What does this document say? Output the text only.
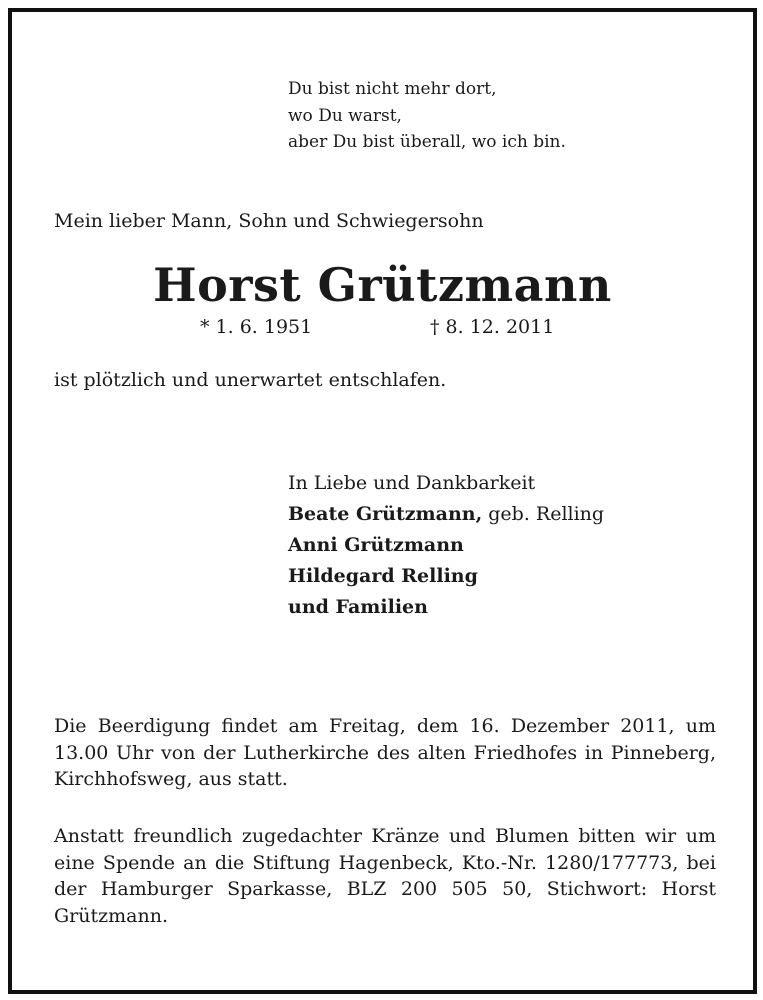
Du bist nicht mehr dort,
wo Du warst,
aber Du bist überall, wo ich bin.
Mein lieber Mann, Sohn und Schwiegersohn
Horst Grützmann
* 1. 6. 1951	† 8. 12. 2011
ist plötzlich und unerwartet entschlafen.
In Liebe und Dankbarkeit
Beate Grützmann, geb. Relling
Anni Grützmann
Hildegard Relling
und Familien
Die Beerdigung findet am Freitag, dem 16. Dezember 2011, um 13.00 Uhr von der Lutherkirche des alten Friedhofes in Pinneberg, Kirchhofsweg, aus statt.
Anstatt freundlich zugedachter Kränze und Blumen bitten wir um eine Spende an die Stiftung Hagenbeck, Kto.-Nr. 1280/177773, bei der Hamburger Sparkasse, BLZ 200 505 50, Stichwort: Horst Grützmann.
